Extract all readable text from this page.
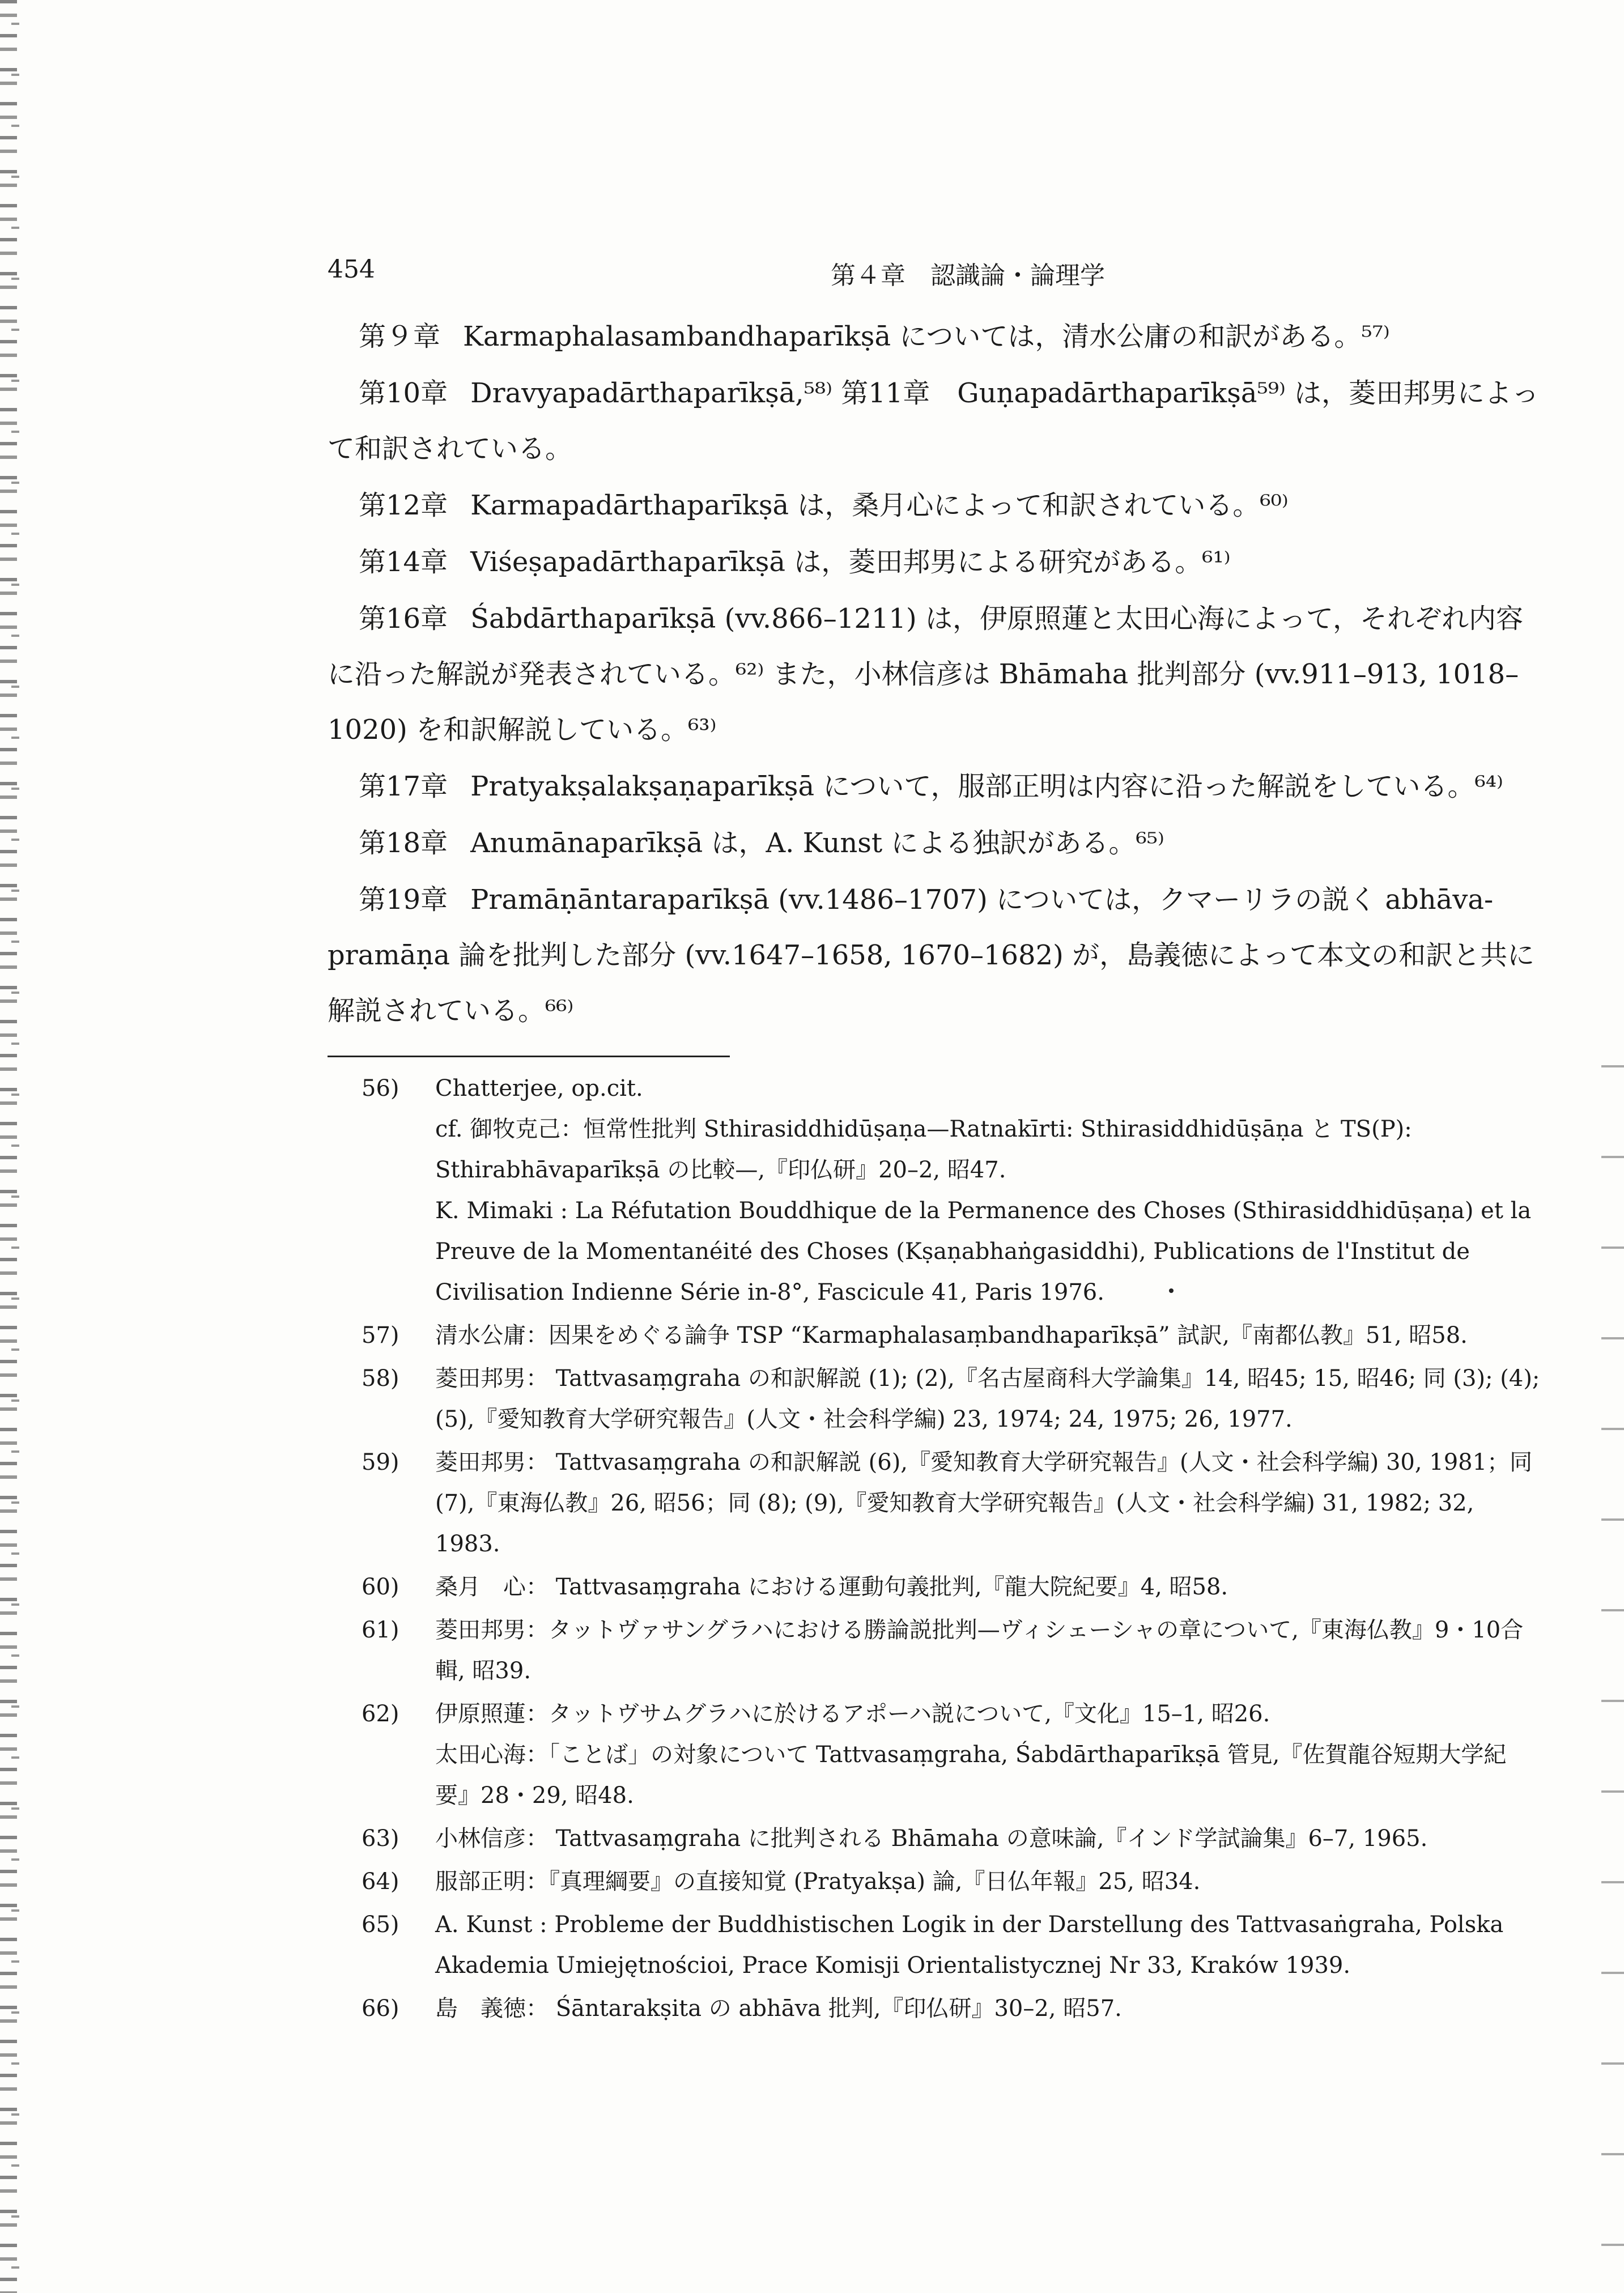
454	第４章　認識論・論理学

第９章 Karmaphalasambandhaparīkṣā については，清水公庸の和訳がある。⁵⁷⁾

第10章 Dravyapadārthaparīkṣā,⁵⁸⁾ 第11章　Guṇapadārthaparīkṣā⁵⁹⁾ は，菱田邦男によって和訳されている。

第12章 Karmapadārthaparīkṣā は，桑月心によって和訳されている。⁶⁰⁾

第14章 Viśeṣapadārthaparīkṣā は，菱田邦男による研究がある。⁶¹⁾

第16章 Śabdārthaparīkṣā (vv.866–1211) は，伊原照蓮と太田心海によって，それぞれ内容に沿った解説が発表されている。⁶²⁾ また，小林信彦は Bhāmaha 批判部分 (vv.911–913, 1018–1020) を和訳解説している。⁶³⁾

第17章 Pratyakṣalakṣaṇaparīkṣā について，服部正明は内容に沿った解説をしている。⁶⁴⁾

第18章 Anumānaparīkṣā は，A. Kunst による独訳がある。⁶⁵⁾

第19章 Pramāṇāntaraparīkṣā (vv.1486–1707) については，クマーリラの説く abhāva-pramāṇa 論を批判した部分 (vv.1647–1658, 1670–1682) が，島義徳によって本文の和訳と共に解説されている。⁶⁶⁾

56)	Chatterjee, op.cit.

cf. 御牧克己：恒常性批判 Sthirasiddhidūṣaṇa—Ratnakīrti: Sthirasiddhidūṣāṇa と TS(P): Sthirabhāvaparīkṣā の比較—,『印仏研』20–2, 昭47.

K. Mimaki : La Réfutation Bouddhique de la Permanence des Choses (Sthirasiddhidūṣaṇa) et la Preuve de la Momentanéité des Choses (Kṣaṇabhaṅgasiddhi), Publications de l'Institut de Civilisation Indienne Série in-8°, Fascicule 41, Paris 1976.

57)	清水公庸：因果をめぐる論争 TSP “Karmaphalasaṃbandhaparīkṣā” 試訳,『南都仏教』51, 昭58.

58)	菱田邦男： Tattvasaṃgraha の和訳解説 (1); (2),『名古屋商科大学論集』14, 昭45; 15, 昭46; 同 (3); (4); (5),『愛知教育大学研究報告』(人文・社会科学編) 23, 1974; 24, 1975; 26, 1977.

59)	菱田邦男： Tattvasaṃgraha の和訳解説 (6),『愛知教育大学研究報告』(人文・社会科学編) 30, 1981；同 (7),『東海仏教』26, 昭56；同 (8); (9),『愛知教育大学研究報告』(人文・社会科学編) 31, 1982; 32, 1983.

60)	桑月　心： Tattvasaṃgraha における運動句義批判,『龍大院紀要』4, 昭58.

61)	菱田邦男：タットヴァサングラハにおける勝論説批判—ヴィシェーシャの章について,『東海仏教』9・10合輯, 昭39.

62)	伊原照蓮：タットヴサムグラハに於けるアポーハ説について,『文化』15–1, 昭26.

太田心海：「ことば」の対象について Tattvasaṃgraha, Śabdārthaparīkṣā 管見,『佐賀龍谷短期大学紀要』28・29, 昭48.

63)	小林信彦： Tattvasaṃgraha に批判される Bhāmaha の意味論,『インド学試論集』6–7, 1965.

64)	服部正明：『真理綱要』の直接知覚 (Pratyakṣa) 論,『日仏年報』25, 昭34.

65)	A. Kunst : Probleme der Buddhistischen Logik in der Darstellung des Tattvasaṅgraha, Polska Akademia Umiejętnościoi, Prace Komisji Orientalistycznej Nr 33, Kraków 1939.

66)	島　義徳： Śāntarakṣita の abhāva 批判,『印仏研』30–2, 昭57.
